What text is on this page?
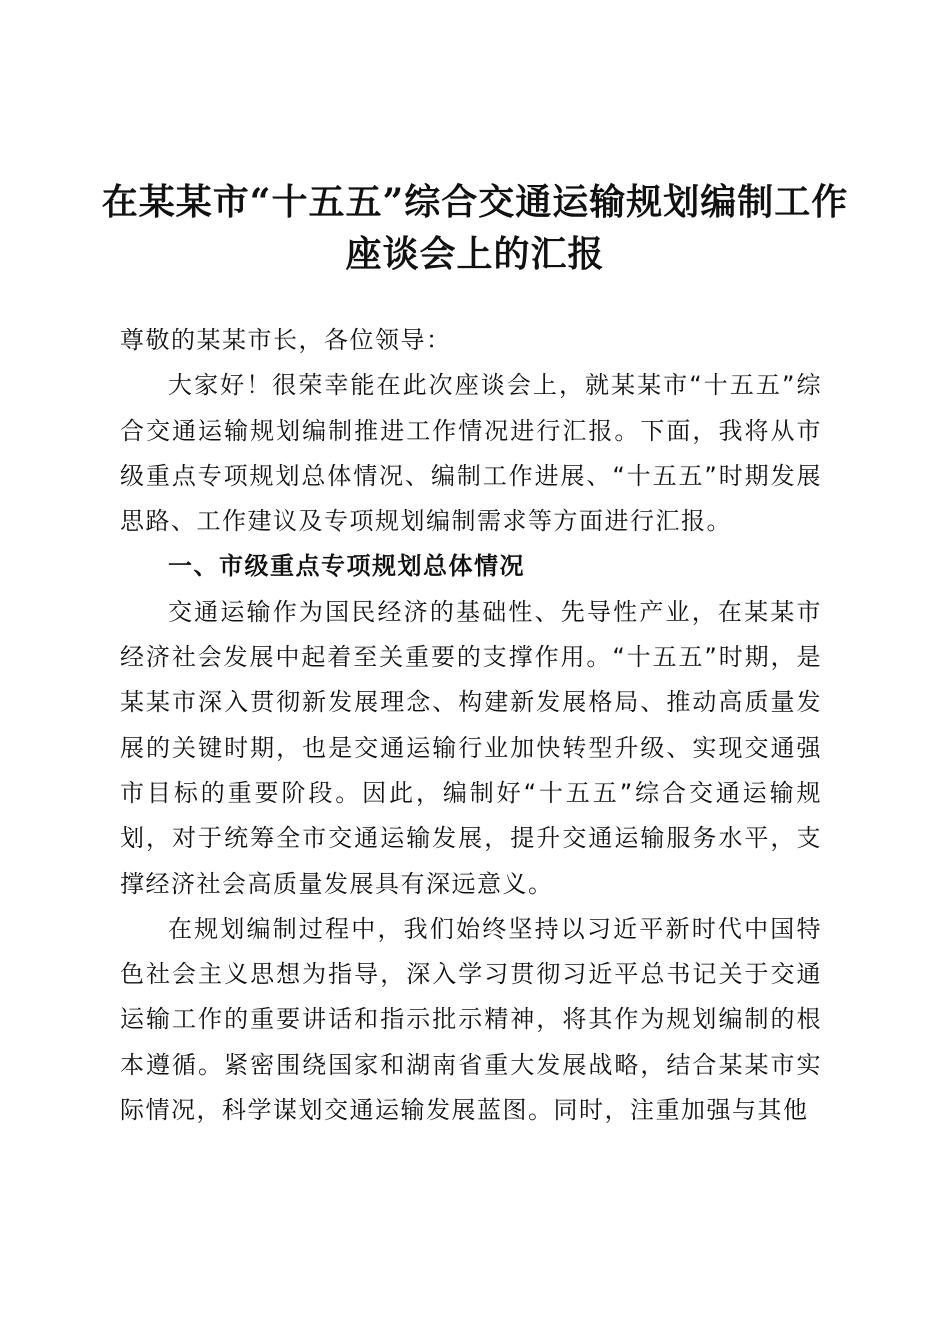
在某某市“十五五”综合交通运输规划编制工作座谈会上的汇报

尊敬的某某市长，各位领导：

大家好！很荣幸能在此次座谈会上，就某某市“十五五”综合交通运输规划编制推进工作情况进行汇报。下面，我将从市级重点专项规划总体情况、编制工作进展、“十五五”时期发展思路、工作建议及专项规划编制需求等方面进行汇报。

一、市级重点专项规划总体情况

交通运输作为国民经济的基础性、先导性产业，在某某市经济社会发展中起着至关重要的支撑作用。“十五五”时期，是某某市深入贯彻新发展理念、构建新发展格局、推动高质量发展的关键时期，也是交通运输行业加快转型升级、实现交通强市目标的重要阶段。因此，编制好“十五五”综合交通运输规划，对于统筹全市交通运输发展，提升交通运输服务水平，支撑经济社会高质量发展具有深远意义。

在规划编制过程中，我们始终坚持以习近平新时代中国特色社会主义思想为指导，深入学习贯彻习近平总书记关于交通运输工作的重要讲话和指示批示精神，将其作为规划编制的根本遵循。紧密围绕国家和湖南省重大发展战略，结合某某市实际情况，科学谋划交通运输发展蓝图。同时，注重加强与其他
